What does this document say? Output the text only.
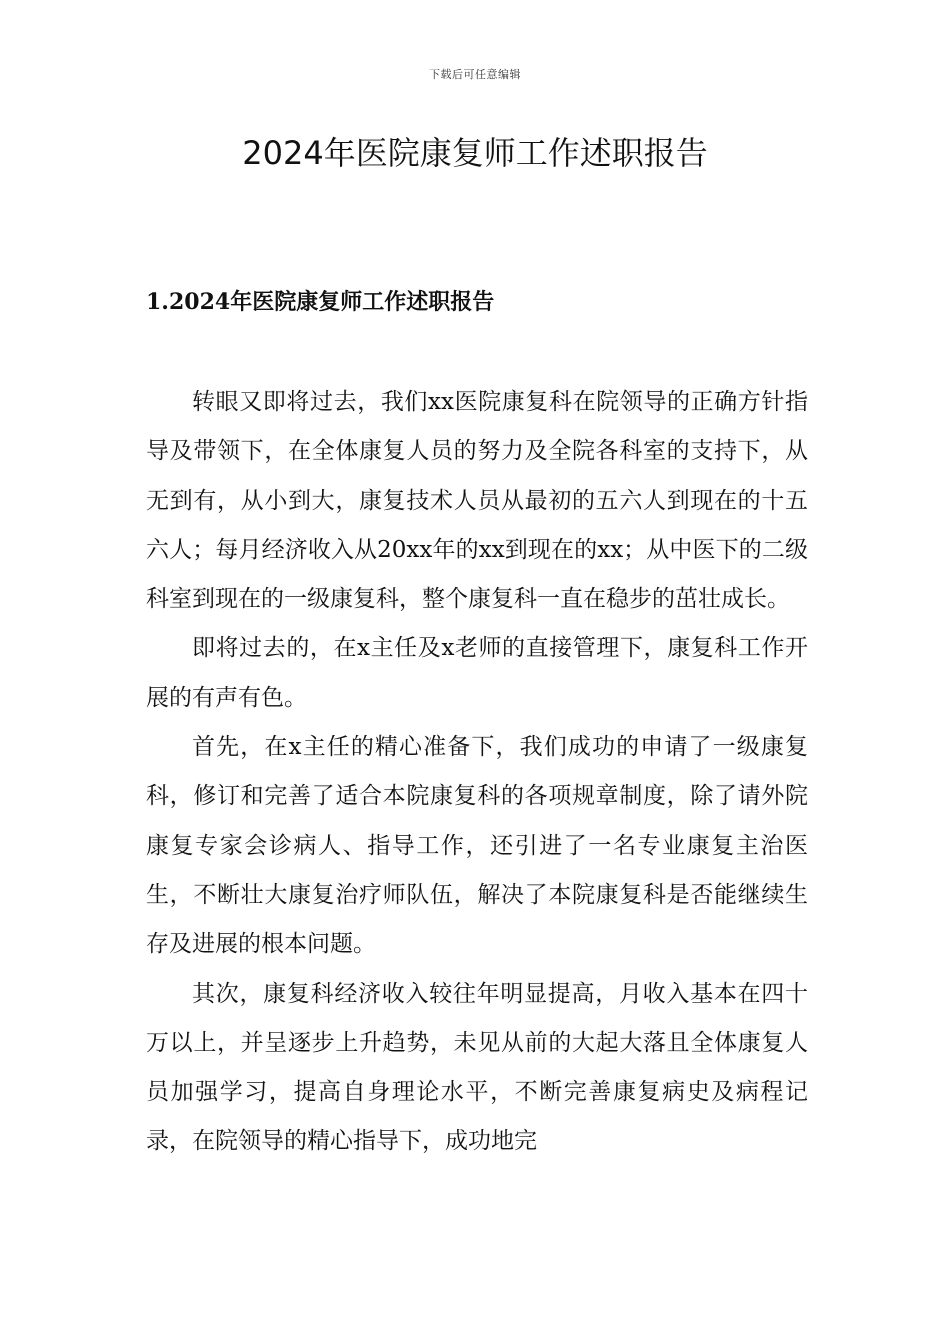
下载后可任意编辑
2024年医院康复师工作述职报告
1.2024年医院康复师工作述职报告

转眼又即将过去，我们xx医院康复科在院领导的正确方针指导及带领下，在全体康复人员的努力及全院各科室的支持下，从无到有，从小到大，康复技术人员从最初的五六人到现在的十五六人；每月经济收入从20xx年的xx到现在的xx；从中医下的二级科室到现在的一级康复科，整个康复科一直在稳步的茁壮成长。

即将过去的，在x主任及x老师的直接管理下，康复科工作开展的有声有色。

首先，在x主任的精心准备下，我们成功的申请了一级康复科，修订和完善了适合本院康复科的各项规章制度，除了请外院康复专家会诊病人、指导工作，还引进了一名专业康复主治医生，不断壮大康复治疗师队伍，解决了本院康复科是否能继续生存及进展的根本问题。

其次，康复科经济收入较往年明显提高，月收入基本在四十万以上，并呈逐步上升趋势，未见从前的大起大落且全体康复人员加强学习，提高自身理论水平，不断完善康复病史及病程记录，在院领导的精心指导下，成功地完
